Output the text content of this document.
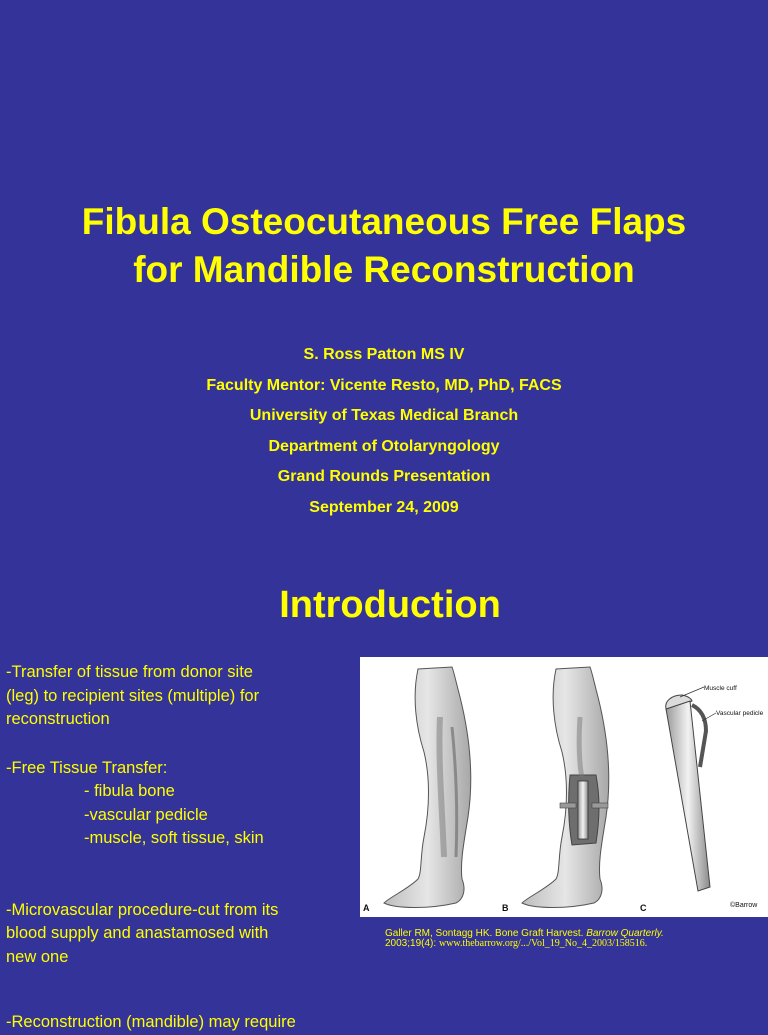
Fibula Osteocutaneous Free Flaps
for Mandible Reconstruction
S. Ross Patton MS IV
Faculty Mentor: Vicente Resto, MD, PhD, FACS
University of Texas Medical Branch
Department of Otolaryngology
Grand Rounds Presentation
September 24, 2009
Introduction
-Transfer of tissue from donor site
(leg) to recipient sites (multiple) for
reconstruction
-Free Tissue Transfer:
- fibula bone
-vascular pedicle
-muscle, soft tissue, skin
-Microvascular procedure-cut from its
blood supply and anastamosed with
new one
-Reconstruction (mandible) may require
A	B	C
Muscle cuff
Vascular pedicle
©Barrow
Galler RM, Sontagg HK. Bone Graft Harvest. Barrow Quarterly.
2003;19(4): www.thebarrow.org/.../Vol_19_No_4_2003/158516.
